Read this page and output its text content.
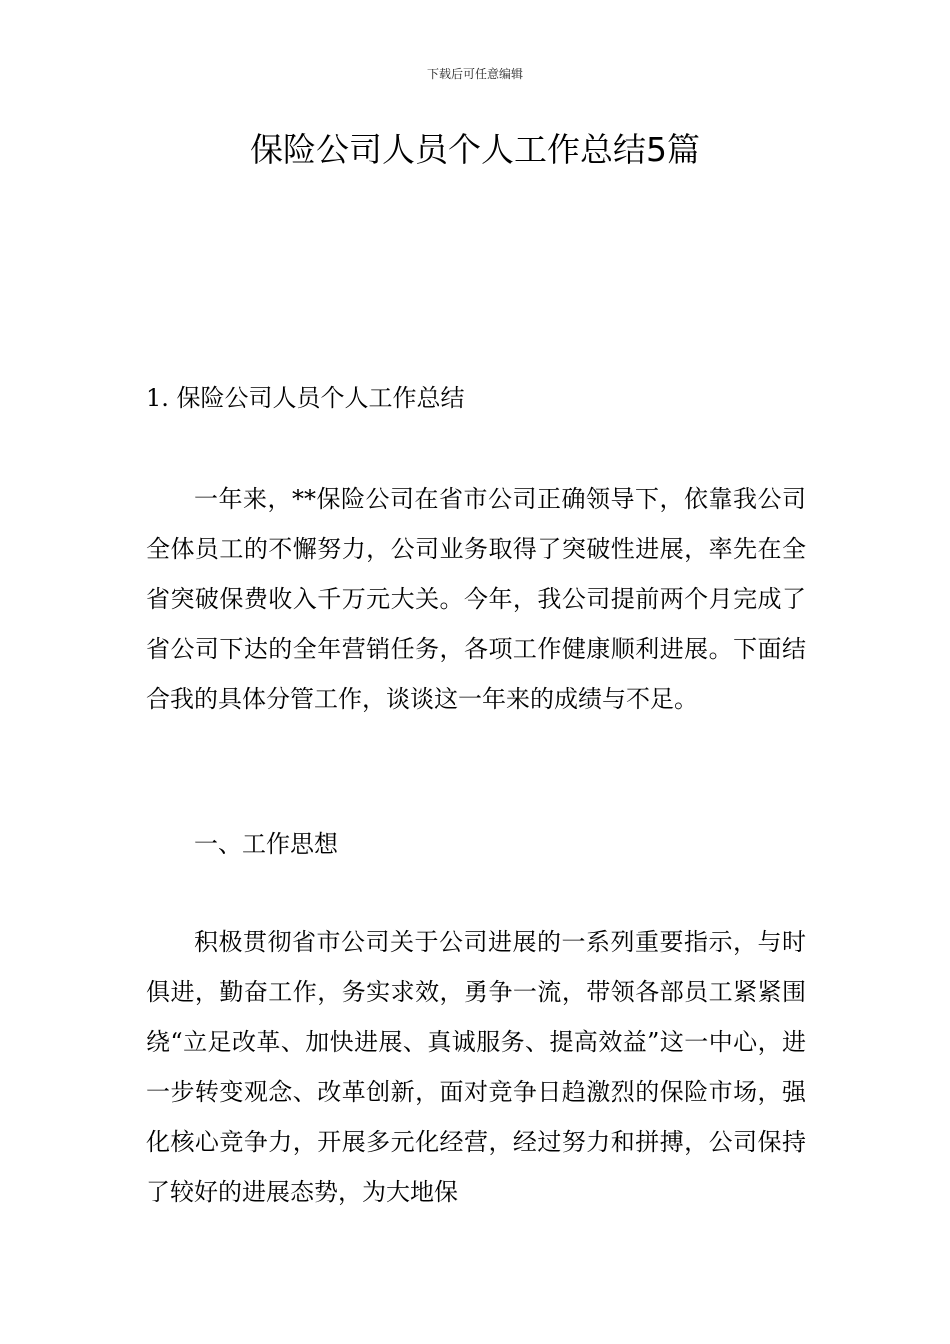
下载后可任意编辑
保险公司人员个人工作总结5篇

1. 保险公司人员个人工作总结

一年来，**保险公司在省市公司正确领导下，依靠我公司全体员工的不懈努力，公司业务取得了突破性进展，率先在全省突破保费收入千万元大关。今年，我公司提前两个月完成了省公司下达的全年营销任务，各项工作健康顺利进展。下面结合我的具体分管工作，谈谈这一年来的成绩与不足。

一、工作思想

积极贯彻省市公司关于公司进展的一系列重要指示，与时俱进，勤奋工作，务实求效，勇争一流，带领各部员工紧紧围绕“立足改革、加快进展、真诚服务、提高效益”这一中心，进一步转变观念、改革创新，面对竞争日趋激烈的保险市场，强化核心竞争力，开展多元化经营，经过努力和拼搏，公司保持了较好的进展态势，为大地保
